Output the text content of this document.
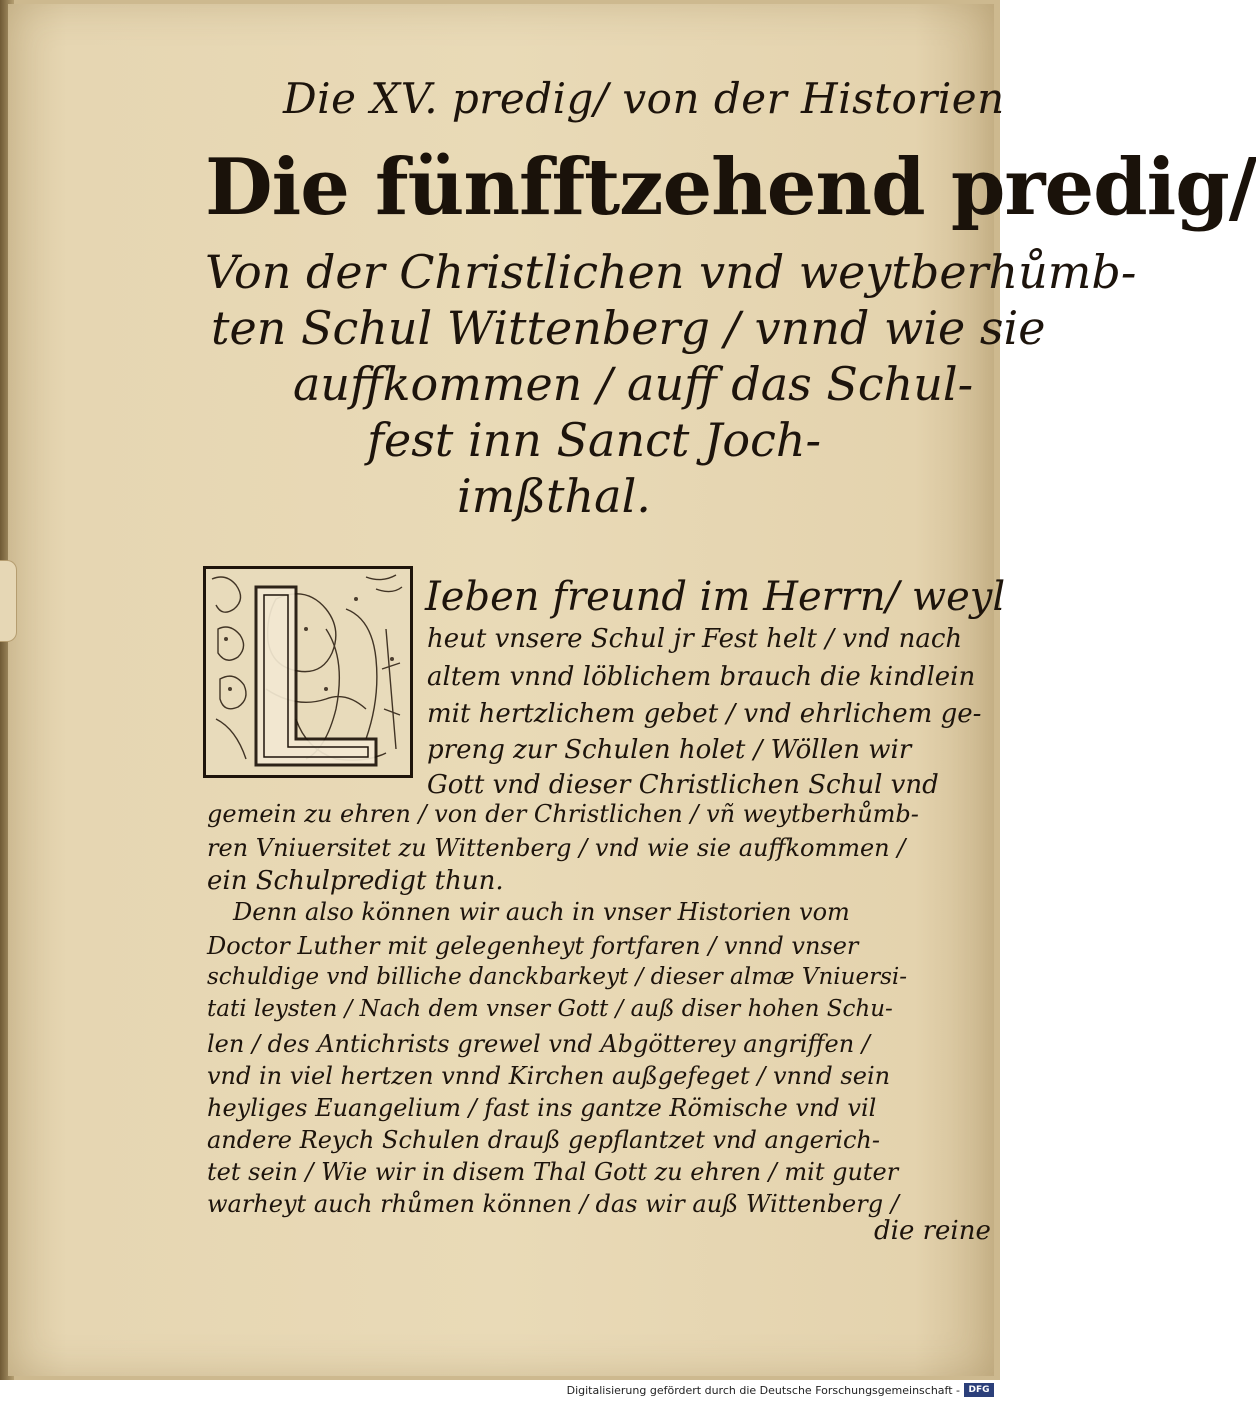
Die XV. predig/ von der Historien
Die fünfftzehend predig/
Von der Christlichen vnd weytberhůmb-
ten Schul Wittenberg / vnnd wie sie
auffkommen / auff das Schul-
fest inn Sanct Joch-
imßthal.
Ieben freund im Herrn/ weyl
heut vnsere Schul jr Fest helt / vnd nach
altem vnnd löblichem brauch die kindlein
mit hertzlichem gebet / vnd ehrlichem ge-
preng zur Schulen holet / Wöllen wir
Gott vnd dieser Christlichen Schul vnd
gemein zu ehren / von der Christlichen / vñ weytberhůmb-
ren Vniuersitet zu Wittenberg / vnd wie sie auffkommen /
ein Schulpredigt thun.
Denn also können wir auch in vnser Historien vom
Doctor Luther mit gelegenheyt fortfaren / vnnd vnser
schuldige vnd billiche danckbarkeyt / dieser almæ Vniuersi-
tati leysten / Nach dem vnser Gott / auß diser hohen Schu-
len / des Antichrists grewel vnd Abgötterey angriffen /
vnd in viel hertzen vnnd Kirchen außgefeget / vnnd sein
heyliges Euangelium / fast ins gantze Römische vnd vil
andere Reych Schulen drauß gepflantzet vnd angerich-
tet sein / Wie wir in disem Thal Gott zu ehren / mit guter
warheyt auch rhůmen können / das wir auß Wittenberg /
die reine
Digitalisierung gefördert durch die Deutsche Forschungsgemeinschaft - DFG
